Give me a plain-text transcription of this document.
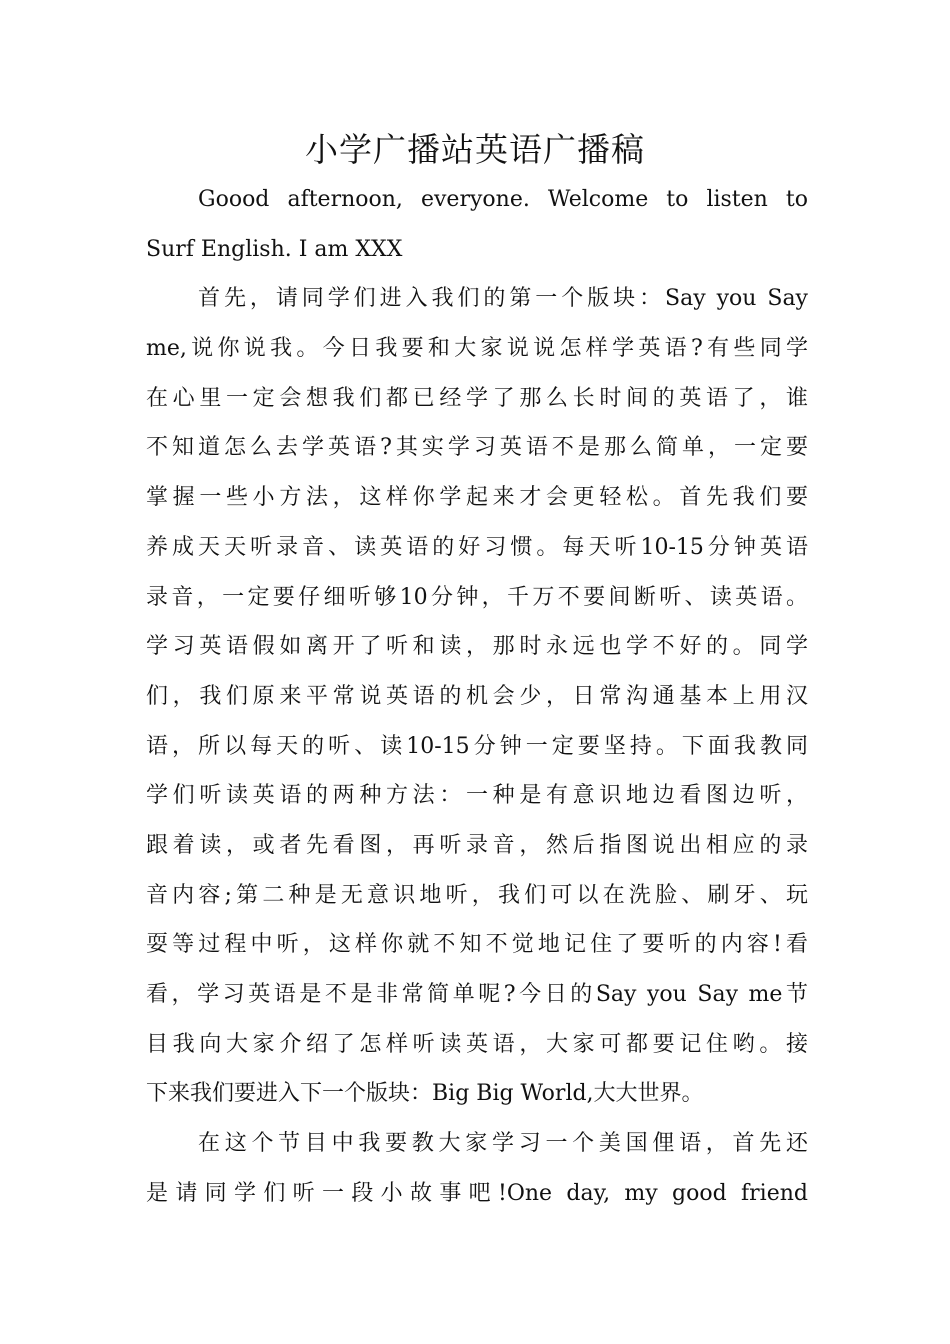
小学广播站英语广播稿
Goood afternoon, everyone. Welcome to listen to
Surf English. I am XXX
首先，请同学们进入我们的第一个版块：Say you Say
me,说你说我。今日我要和大家说说怎样学英语?有些同学
在心里一定会想我们都已经学了那么长时间的英语了，谁
不知道怎么去学英语?其实学习英语不是那么简单，一定要
掌握一些小方法，这样你学起来才会更轻松。首先我们要
养成天天听录音、读英语的好习惯。每天听10-15分钟英语
录音，一定要仔细听够10分钟，千万不要间断听、读英语。
学习英语假如离开了听和读，那时永远也学不好的。同学
们，我们原来平常说英语的机会少，日常沟通基本上用汉
语，所以每天的听、读10-15分钟一定要坚持。下面我教同
学们听读英语的两种方法：一种是有意识地边看图边听，
跟着读，或者先看图，再听录音，然后指图说出相应的录
音内容;第二种是无意识地听，我们可以在洗脸、刷牙、玩
耍等过程中听，这样你就不知不觉地记住了要听的内容!看
看，学习英语是不是非常简单呢?今日的Say you Say me节
目我向大家介绍了怎样听读英语，大家可都要记住哟。接
下来我们要进入下一个版块：Big Big World,大大世界。
在这个节目中我要教大家学习一个美国俚语，首先还
是请同学们听一段小故事吧!One day, my good friend
